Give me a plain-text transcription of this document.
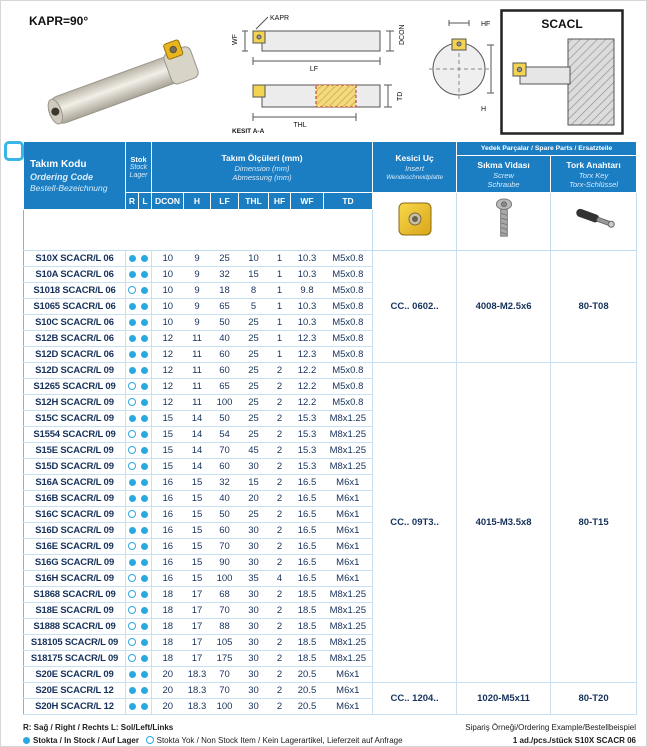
KAPR=90°	KAPR
WF	DCON
LF
TD
THL
KESIT A-A
HF
H
SCACL
Takım Kodu
Ordering Code
Bestell-Bezeichnung

Stok
Stock
Lager

Takım Ölçüleri (mm)
Dimension (mm)
Abmessung (mm)

Kesici Uç
Insert
Wendeschneidplatte
	Yedek Parçalar / Spare Parts / Ersatzteile

Sıkma Vidası
Screw
Schraube

Tork Anahtarı
Torx Key
Torx-Schlüssel

	R	L	DCON	H	LF	THL	HF	WF	TD			

S10X SCACR/L 06			10	9	25	10	1	10.3	M5x0.8	CC.. 0602..	4008-M2.5x6	80-T08
S10A SCACR/L 06			10	9	32	15	1	10.3	M5x0.8			
S1018 SCACR/L 06			10	9	18	8	1	9.8	M5x0.8			
S1065 SCACR/L 06			10	9	65	5	1	10.3	M5x0.8			
S10C SCACR/L 06			10	9	50	25	1	10.3	M5x0.8			
S12B SCACR/L 06			12	11	40	25	1	12.3	M5x0.8			
S12D SCACR/L 06			12	11	60	25	1	12.3	M5x0.8			
S12D SCACR/L 09			12	11	60	25	2	12.2	M5x0.8	CC.. 09T3..	4015-M3.5x8	80-T15
S1265 SCACR/L 09			12	11	65	25	2	12.2	M5x0.8			
S12H SCACR/L 09			12	11	100	25	2	12.2	M5x0.8			
S15C SCACR/L 09			15	14	50	25	2	15.3	M8x1.25			
S1554 SCACR/L 09			15	14	54	25	2	15.3	M8x1.25			
S15E SCACR/L 09			15	14	70	45	2	15.3	M8x1.25			
S15D SCACR/L 09			15	14	60	30	2	15.3	M8x1.25			
S16A SCACR/L 09			16	15	32	15	2	16.5	M6x1			
S16B SCACR/L 09			16	15	40	20	2	16.5	M6x1			
S16C SCACR/L 09			16	15	50	25	2	16.5	M6x1			
S16D SCACR/L 09			16	15	60	30	2	16.5	M6x1			
S16E SCACR/L 09			16	15	70	30	2	16.5	M6x1			
S16G SCACR/L 09			16	15	90	30	2	16.5	M6x1			
S16H SCACR/L 09			16	15	100	35	4	16.5	M6x1			
S1868 SCACR/L 09			18	17	68	30	2	18.5	M8x1.25			
S18E SCACR/L 09			18	17	70	30	2	18.5	M8x1.25			
S1888 SCACR/L 09			18	17	88	30	2	18.5	M8x1.25			
S18105 SCACR/L 09			18	17	105	30	2	18.5	M8x1.25			
S18175 SCACR/L 09			18	17	175	30	2	18.5	M8x1.25			
S20E SCACR/L 09			20	18.3	70	30	2	20.5	M6x1			
S20E SCACR/L 12			20	18.3	70	30	2	20.5	M6x1	CC.. 1204..	1020-M5x11	80-T20
S20H SCACR/L 12			20	18.3	100	30	2	20.5	M6x1			
R: Sağ / Right / Rechts L: Sol/Left/Links
Stokta / In Stock / Auf Lager Stokta Yok / Non Stock Item / Kein Lagerartikel, Lieferzeit auf Anfrage
Sipariş Örneği/Ordering Example/Bestellbeispiel
1 ad./pcs./stück S10X SCACR 06
